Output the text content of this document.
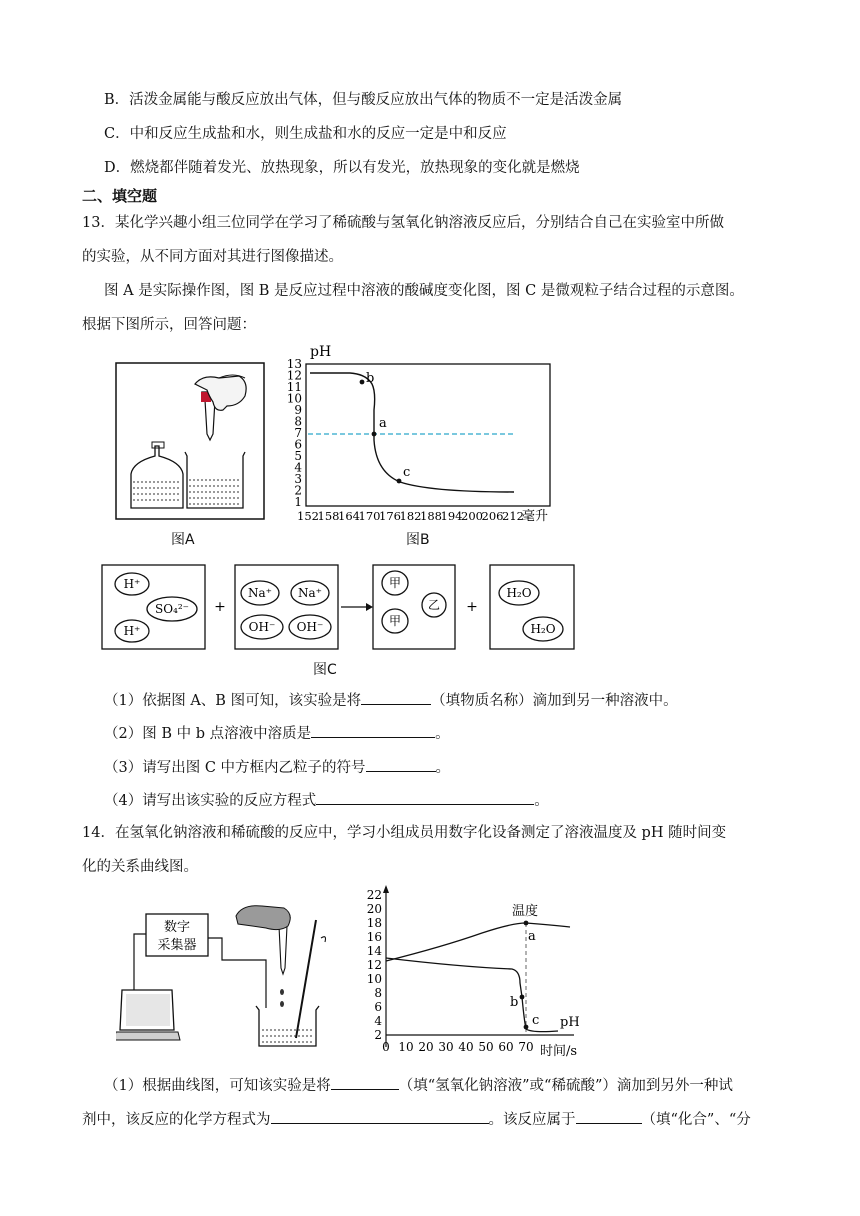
B．活泼金属能与酸反应放出气体，但与酸反应放出气体的物质不一定是活泼金属
C．中和反应生成盐和水，则生成盐和水的反应一定是中和反应
D．燃烧都伴随着发光、放热现象，所以有发光，放热现象的变化就是燃烧
二、填空题
13．某化学兴趣小组三位同学在学习了稀硫酸与氢氧化钠溶液反应后，分别结合自己在实验室中所做
的实验，从不同方面对其进行图像描述。
图 A 是实际操作图，图 B 是反应过程中溶液的酸碱度变化图，图 C 是微观粒子结合过程的示意图。
根据下图所示，回答问题：
图A
pH
13
12
11
10
9
8
7
6
5
4
3
2
1
152
158
164
170
176
182
188
194
200
206
212
b
a
c
毫升
图B
H⁺
SO₄²⁻
H⁺
Na⁺ Na⁺
OH⁻ OH⁻
甲
乙
甲
H₂O
H₂O
+	+
图C
（1）依据图 A、B 图可知，该实验是将	（填物质名称）滴加到另一种溶液中。
（2）图 B 中 b 点溶液中溶质是	。
（3）请写出图 C 中方框内乙粒子的符号	。
（4）请写出该实验的反应方程式	。
14．在氢氧化钠溶液和稀硫酸的反应中，学习小组成员用数字化设备测定了溶液温度及 pH 随时间变
化的关系曲线图。
数字
采集器
22
20
18
16
14
12
10
8
6
4
2
0 10 20 30 40 50 60 70
温度
a
b
c pH
时间/s
（1）根据曲线图，可知该实验是将	（填“氢氧化钠溶液”或“稀硫酸”）滴加到另外一种试
剂中，该反应的化学方程式为	。该反应属于	（填“化合”、“分
